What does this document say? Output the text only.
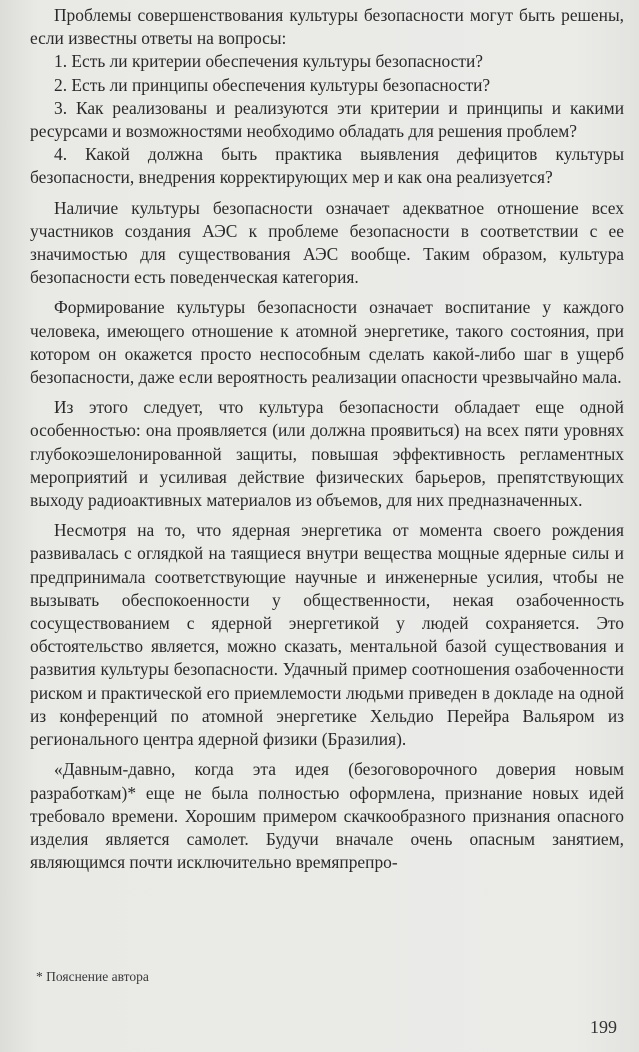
Проблемы совершенствования культуры безопасности могут быть решены, если известны ответы на вопросы:

1. Есть ли критерии обеспечения культуры безопасности?

2. Есть ли принципы обеспечения культуры безопасности?

3. Как реализованы и реализуются эти критерии и принципы и какими ресурсами и возможностями необходимо обладать для решения проблем?

4. Какой должна быть практика выявления дефицитов культуры безопасности, внедрения корректирующих мер и как она реализуется?

Наличие культуры безопасности означает адекватное отношение всех участников создания АЭС к проблеме безопасности в соответствии с ее значимостью для существования АЭС вообще. Таким образом, культура безопасности есть поведенческая категория.

Формирование культуры безопасности означает воспитание у каждого человека, имеющего отношение к атомной энергетике, такого состояния, при котором он окажется просто неспособным сделать какой-либо шаг в ущерб безопасности, даже если вероятность реализации опасности чрезвычайно мала.

Из этого следует, что культура безопасности обладает еще одной особенностью: она проявляется (или должна проявиться) на всех пяти уровнях глубокоэшелонированной защиты, повышая эффективность регламентных мероприятий и усиливая действие физических барьеров, препятствующих выходу радиоактивных материалов из объемов, для них предназначенных.

Несмотря на то, что ядерная энергетика от момента своего рождения развивалась с оглядкой на таящиеся внутри вещества мощные ядерные силы и предпринимала соответствующие научные и инженерные усилия, чтобы не вызывать обеспокоенности у общественности, некая озабоченность сосуществованием с ядерной энергетикой у людей сохраняется. Это обстоятельство является, можно сказать, ментальной базой существования и развития культуры безопасности. Удачный пример соотношения озабоченности риском и практической его приемлемости людьми приведен в докладе на одной из конференций по атомной энергетике Хельдио Перейра Вальяром из регионального центра ядерной физики (Бразилия).

«Давным-давно, когда эта идея (безоговорочного доверия новым разработкам)* еще не была полностью оформлена, признание новых идей требовало времени. Хорошим примером скачкообразного признания опасного изделия является самолет. Будучи вначале очень опасным занятием, являющимся почти исключительно времяпрепро-

* Пояснение автора
199
